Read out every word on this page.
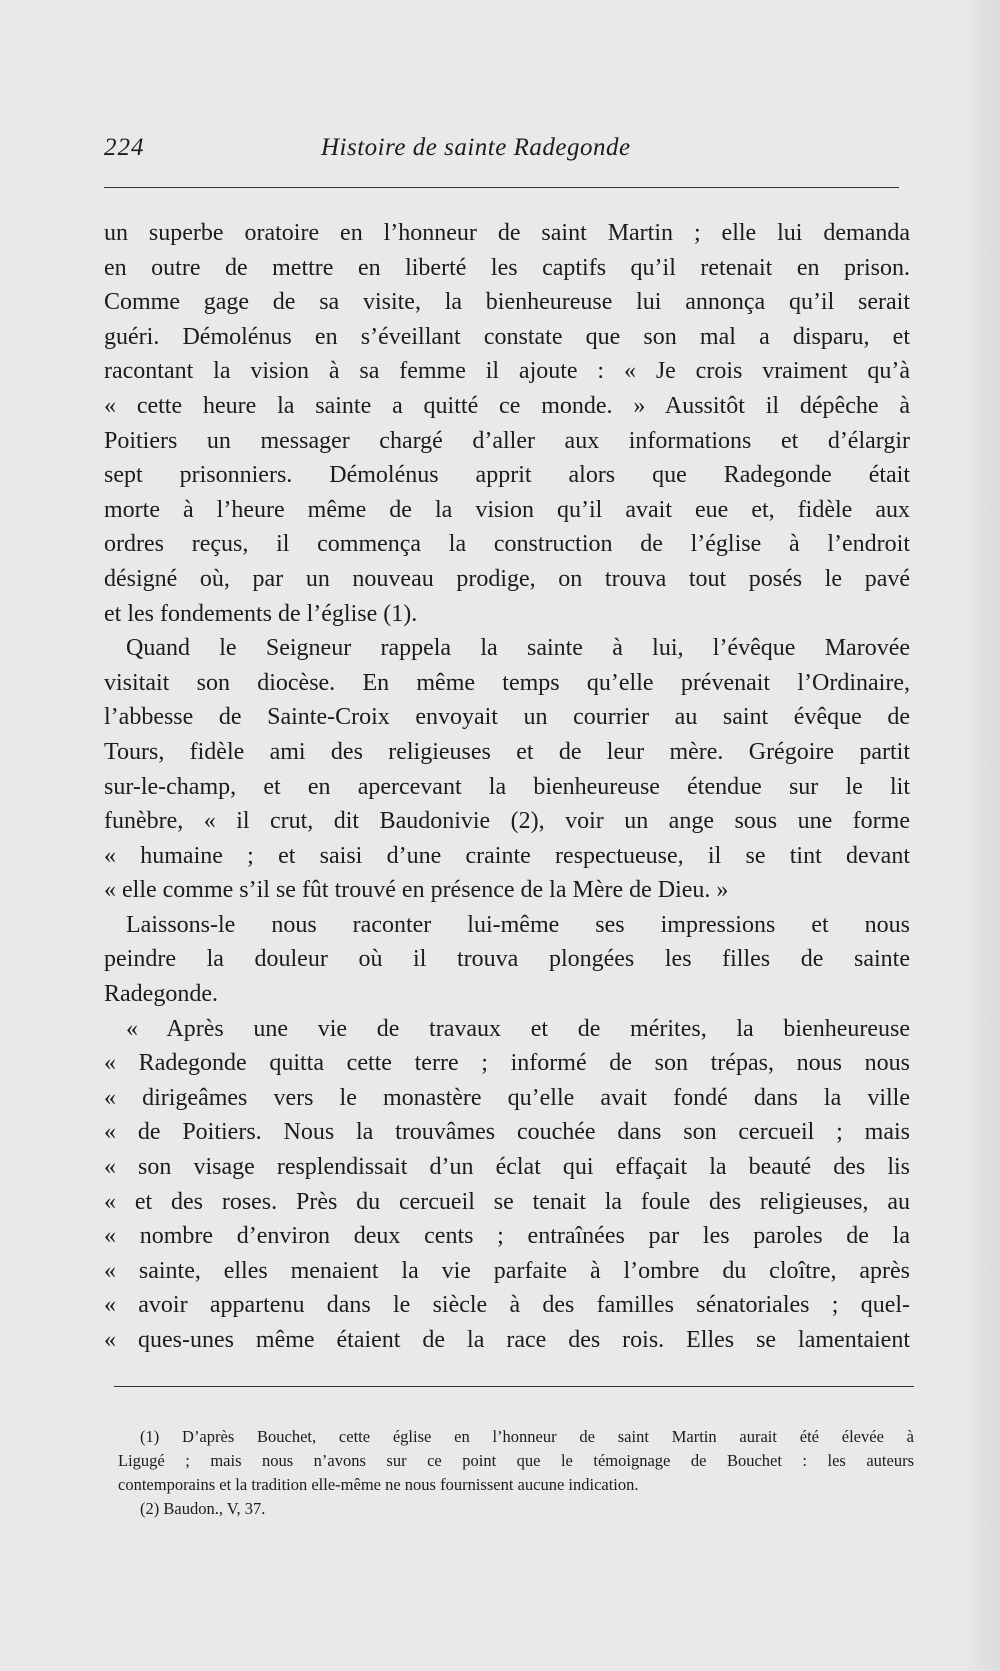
224	Histoire de sainte Radegonde
un superbe oratoire en l’honneur de saint Martin ; elle lui demanda
en outre de mettre en liberté les captifs qu’il retenait en prison.
Comme gage de sa visite, la bienheureuse lui annonça qu’il serait
guéri. Démolénus en s’éveillant constate que son mal a disparu, et
racontant la vision à sa femme il ajoute : « Je crois vraiment qu’à
« cette heure la sainte a quitté ce monde. » Aussitôt il dépêche à
Poitiers un messager chargé d’aller aux informations et d’élargir
sept prisonniers. Démolénus apprit alors que Radegonde était
morte à l’heure même de la vision qu’il avait eue et, fidèle aux
ordres reçus, il commença la construction de l’église à l’endroit
désigné où, par un nouveau prodige, on trouva tout posés le pavé
et les fondements de l’église (1).
Quand le Seigneur rappela la sainte à lui, l’évêque Marovée
visitait son diocèse. En même temps qu’elle prévenait l’Ordinaire,
l’abbesse de Sainte-Croix envoyait un courrier au saint évêque de
Tours, fidèle ami des religieuses et de leur mère. Grégoire partit
sur-le-champ, et en apercevant la bienheureuse étendue sur le lit
funèbre, « il crut, dit Baudonivie (2), voir un ange sous une forme
« humaine ; et saisi d’une crainte respectueuse, il se tint devant
« elle comme s’il se fût trouvé en présence de la Mère de Dieu. »
Laissons-le nous raconter lui-même ses impressions et nous
peindre la douleur où il trouva plongées les filles de sainte
Radegonde.
« Après une vie de travaux et de mérites, la bienheureuse
« Radegonde quitta cette terre ; informé de son trépas, nous nous
« dirigeâmes vers le monastère qu’elle avait fondé dans la ville
« de Poitiers. Nous la trouvâmes couchée dans son cercueil ; mais
« son visage resplendissait d’un éclat qui effaçait la beauté des lis
« et des roses. Près du cercueil se tenait la foule des religieuses, au
« nombre d’environ deux cents ; entraînées par les paroles de la
« sainte, elles menaient la vie parfaite à l’ombre du cloître, après
« avoir appartenu dans le siècle à des familles sénatoriales ; quel-
« ques-unes même étaient de la race des rois. Elles se lamentaient
(1) D’après Bouchet, cette église en l’honneur de saint Martin aurait été élevée à
Ligugé ; mais nous n’avons sur ce point que le témoignage de Bouchet : les auteurs
contemporains et la tradition elle-même ne nous fournissent aucune indication.
(2) Baudon., V, 37.
